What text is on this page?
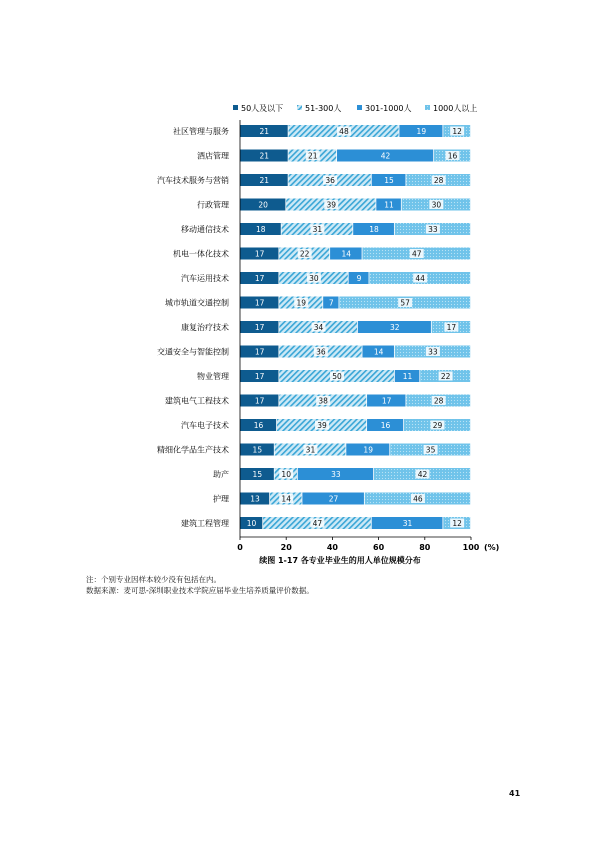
50人及以下	51-300人	301-1000人	1000人以上
社区管理与服务	21	48	19	12
酒店管理	21	21	42	16
汽车技术服务与营销	21	36	15	28
行政管理	20	39	11	30
移动通信技术	18	31	18	33
机电一体化技术	17	22	14	47
汽车运用技术	17	30	9	44
城市轨道交通控制	17	19	7	57
康复治疗技术	17	34	32	17
交通安全与智能控制	17	36	14	33
物业管理	17	50	11	22
建筑电气工程技术	17	38	17	28
汽车电子技术	16	39	16	29
精细化学品生产技术	15	31	19	35
助产	15	10	33	42
护理	13	14	27	46
建筑工程管理 10	47	31	12
0	20	40	60	80	100 (%)
续图 1-17 各专业毕业生的用人单位规模分布
注：个别专业因样本较少没有包括在内。
数据来源：麦可思-深圳职业技术学院应届毕业生培养质量评价数据。
41
